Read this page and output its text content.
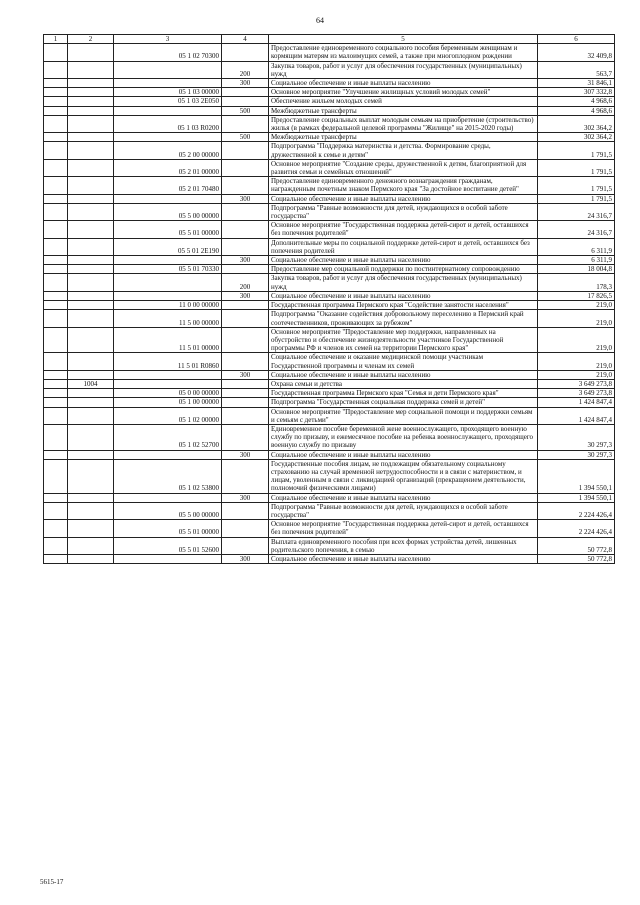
64
1	2	3	4	5	6
		05 1 02 70300		Предоставление единовременного социального пособия беременным женщинам и кормящим матерям из малоимущих семей, а также при многоплодном рождении	32 409,8
			200	Закупка товаров, работ и услуг для обеспечения государственных (муниципальных) нужд	563,7
			300	Социальное обеспечение и иные выплаты населению	31 846,1
		05 1 03 00000		Основное мероприятие "Улучшение жилищных условий молодых семей"	307 332,8
		05 1 03 2Е050		Обеспечение жильем молодых семей	4 968,6
			500	Межбюджетные трансферты	4 968,6
		05 1 03 R0200		Предоставление социальных выплат молодым семьям на приобретение (строительство) жилья (в рамках федеральной целевой программы "Жилище" на 2015-2020 годы)	302 364,2
			500	Межбюджетные трансферты	302 364,2
		05 2 00 00000		Подпрограмма "Поддержка материнства и детства. Формирование среды, дружественной к семье и детям"	1 791,5
		05 2 01 00000		Основное мероприятие "Создание среды, дружественной к детям, благоприятной для развития семьи и семейных отношений"	1 791,5
		05 2 01 70480		Предоставление единовременного денежного вознаграждения гражданам, награжденным почетным знаком Пермского края "За достойное воспитание детей"	1 791,5
			300	Социальное обеспечение и иные выплаты населению	1 791,5
		05 5 00 00000		Подпрограмма "Равные возможности для детей, нуждающихся в особой заботе государства"	24 316,7
		05 5 01 00000		Основное мероприятие "Государственная поддержка детей-сирот и детей, оставшихся без попечения родителей"	24 316,7
		05 5 01 2Е190		Дополнительные меры по социальной поддержке детей-сирот и детей, оставшихся без попечения родителей	6 311,9
			300	Социальное обеспечение и иные выплаты населению	6 311,9
		05 5 01 70330		Предоставление мер социальной поддержки по постинтернатному сопровождению	18 004,8
			200	Закупка товаров, работ и услуг для обеспечения государственных (муниципальных) нужд	178,3
			300	Социальное обеспечение и иные выплаты населению	17 826,5
		11 0 00 00000		Государственная программа Пермского края "Содействие занятости населения"	219,0
		11 5 00 00000		Подпрограмма "Оказание содействия добровольному переселению в Пермский край соотечественников, проживающих за рубежом"	219,0
		11 5 01 00000		Основное мероприятие "Предоставление мер поддержки, направленных на обустройство и обеспечение жизнедеятельности участников Государственной программы РФ и членов их семей на территории Пермского края"	219,0
		11 5 01 R0860		Социальное обеспечение и оказание медицинской помощи участникам Государственной программы и членам их семей	219,0
			300	Социальное обеспечение и иные выплаты населению	219,0
	1004			Охрана семьи и детства	3 649 273,8
		05 0 00 00000		Государственная программа Пермского края "Семья и дети Пермского края"	3 649 273,8
		05 1 00 00000		Подпрограмма "Государственная социальная поддержка семей и детей"	1 424 847,4
		05 1 02 00000		Основное мероприятие "Предоставление мер социальной помощи и поддержки семьям и семьям с детьми"	1 424 847,4
		05 1 02 52700		Единовременное пособие беременной жене военнослужащего, проходящего военную службу по призыву, и ежемесячное пособие на ребенка военнослужащего, проходящего военную службу по призыву	30 297,3
			300	Социальное обеспечение и иные выплаты населению	30 297,3
		05 1 02 53800		Государственные пособия лицам, не подлежащим обязательному социальному страхованию на случай временной нетрудоспособности и в связи с материнством, и лицам, уволенным в связи с ликвидацией организаций (прекращением деятельности, полномочий физическими лицами)	1 394 550,1
			300	Социальное обеспечение и иные выплаты населению	1 394 550,1
		05 5 00 00000		Подпрограмма "Равные возможности для детей, нуждающихся в особой заботе государства"	2 224 426,4
		05 5 01 00000		Основное мероприятие "Государственная поддержка детей-сирот и детей, оставшихся без попечения родителей"	2 224 426,4
		05 5 01 52600		Выплата единовременного пособия при всех формах устройства детей, лишенных родительского попечения, в семью	50 772,8
			300	Социальное обеспечение и иные выплаты населению	50 772,8
5615-17
